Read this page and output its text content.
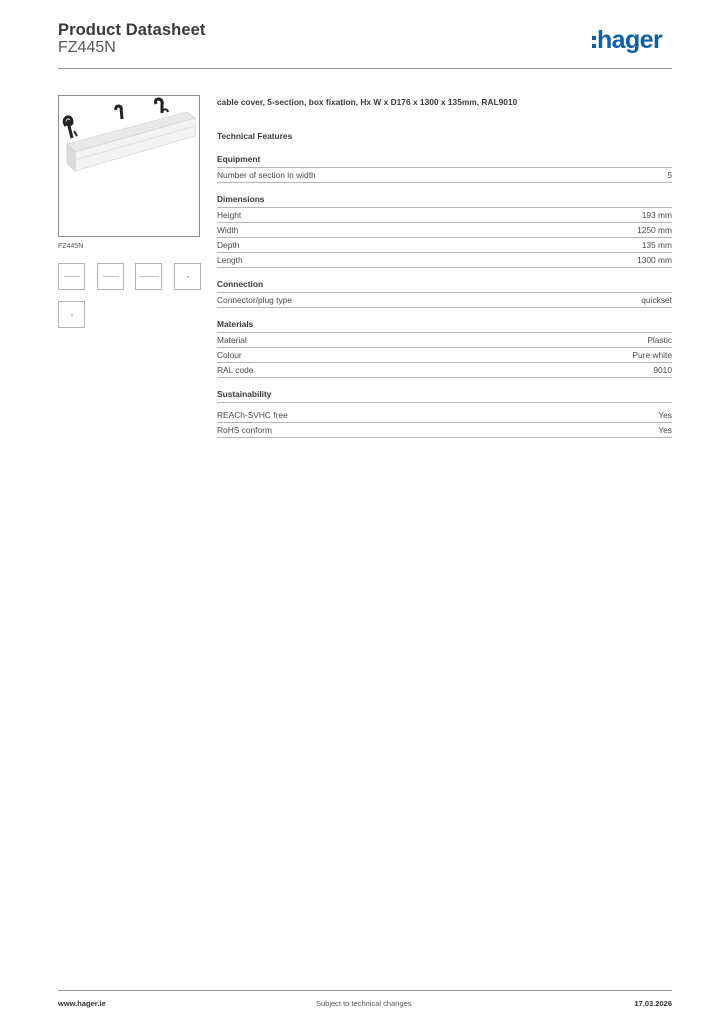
Product Datasheet
FZ445N	hager
FZ445N
cable cover, 5-section, box fixation, Hx W x D176 x 1300 x 135mm, RAL9010
Technical Features
Equipment
Number of section in width	5
Dimensions
Height	193 mm
Width	1250 mm
Depth	135 mm
Length	1300 mm
Connection
Connector/plug type	quickset
Materials
Material	Plastic
Colour	Pure white
RAL code	9010
Sustainability
REACh-SVHC free	Yes
RoHS conform	Yes
www.hager.ie	Subject to technical changes	17.03.2026
